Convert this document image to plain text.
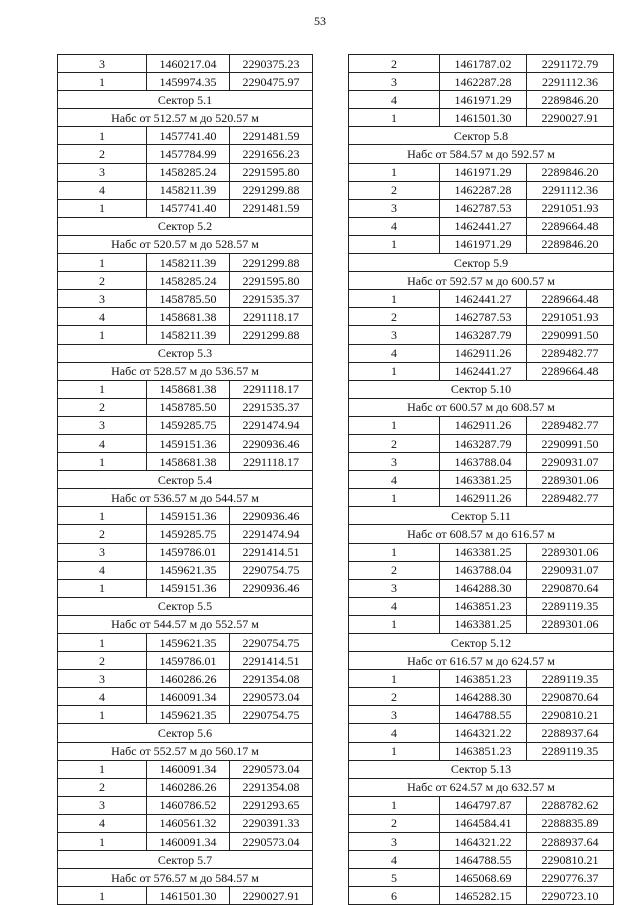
53
3	1460217.04	2290375.23
1	1459974.35	2290475.97
Сектор 5.1		
Набс от 512.57 м до 520.57 м		
1	1457741.40	2291481.59
2	1457784.99	2291656.23
3	1458285.24	2291595.80
4	1458211.39	2291299.88
1	1457741.40	2291481.59
Сектор 5.2		
Набс от 520.57 м до 528.57 м		
1	1458211.39	2291299.88
2	1458285.24	2291595.80
3	1458785.50	2291535.37
4	1458681.38	2291118.17
1	1458211.39	2291299.88
Сектор 5.3		
Набс от 528.57 м до 536.57 м		
1	1458681.38	2291118.17
2	1458785.50	2291535.37
3	1459285.75	2291474.94
4	1459151.36	2290936.46
1	1458681.38	2291118.17
Сектор 5.4		
Набс от 536.57 м до 544.57 м		
1	1459151.36	2290936.46
2	1459285.75	2291474.94
3	1459786.01	2291414.51
4	1459621.35	2290754.75
1	1459151.36	2290936.46
Сектор 5.5		
Набс от 544.57 м до 552.57 м		
1	1459621.35	2290754.75
2	1459786.01	2291414.51
3	1460286.26	2291354.08
4	1460091.34	2290573.04
1	1459621.35	2290754.75
Сектор 5.6		
Набс от 552.57 м до 560.17 м		
1	1460091.34	2290573.04
2	1460286.26	2291354.08
3	1460786.52	2291293.65
4	1460561.32	2290391.33
1	1460091.34	2290573.04
Сектор 5.7		
Набс от 576.57 м до 584.57 м		
1	1461501.30	2290027.91
2	1461787.02	2291172.79
3	1462287.28	2291112.36
4	1461971.29	2289846.20
1	1461501.30	2290027.91
Сектор 5.8		
Набс от 584.57 м до 592.57 м		
1	1461971.29	2289846.20
2	1462287.28	2291112.36
3	1462787.53	2291051.93
4	1462441.27	2289664.48
1	1461971.29	2289846.20
Сектор 5.9		
Набс от 592.57 м до 600.57 м		
1	1462441.27	2289664.48
2	1462787.53	2291051.93
3	1463287.79	2290991.50
4	1462911.26	2289482.77
1	1462441.27	2289664.48
Сектор 5.10		
Набс от 600.57 м до 608.57 м		
1	1462911.26	2289482.77
2	1463287.79	2290991.50
3	1463788.04	2290931.07
4	1463381.25	2289301.06
1	1462911.26	2289482.77
Сектор 5.11		
Набс от 608.57 м до 616.57 м		
1	1463381.25	2289301.06
2	1463788.04	2290931.07
3	1464288.30	2290870.64
4	1463851.23	2289119.35
1	1463381.25	2289301.06
Сектор 5.12		
Набс от 616.57 м до 624.57 м		
1	1463851.23	2289119.35
2	1464288.30	2290870.64
3	1464788.55	2290810.21
4	1464321.22	2288937.64
1	1463851.23	2289119.35
Сектор 5.13		
Набс от 624.57 м до 632.57 м		
1	1464797.87	2288782.62
2	1464584.41	2288835.89
3	1464321.22	2288937.64
4	1464788.55	2290810.21
5	1465068.69	2290776.37
6	1465282.15	2290723.10
